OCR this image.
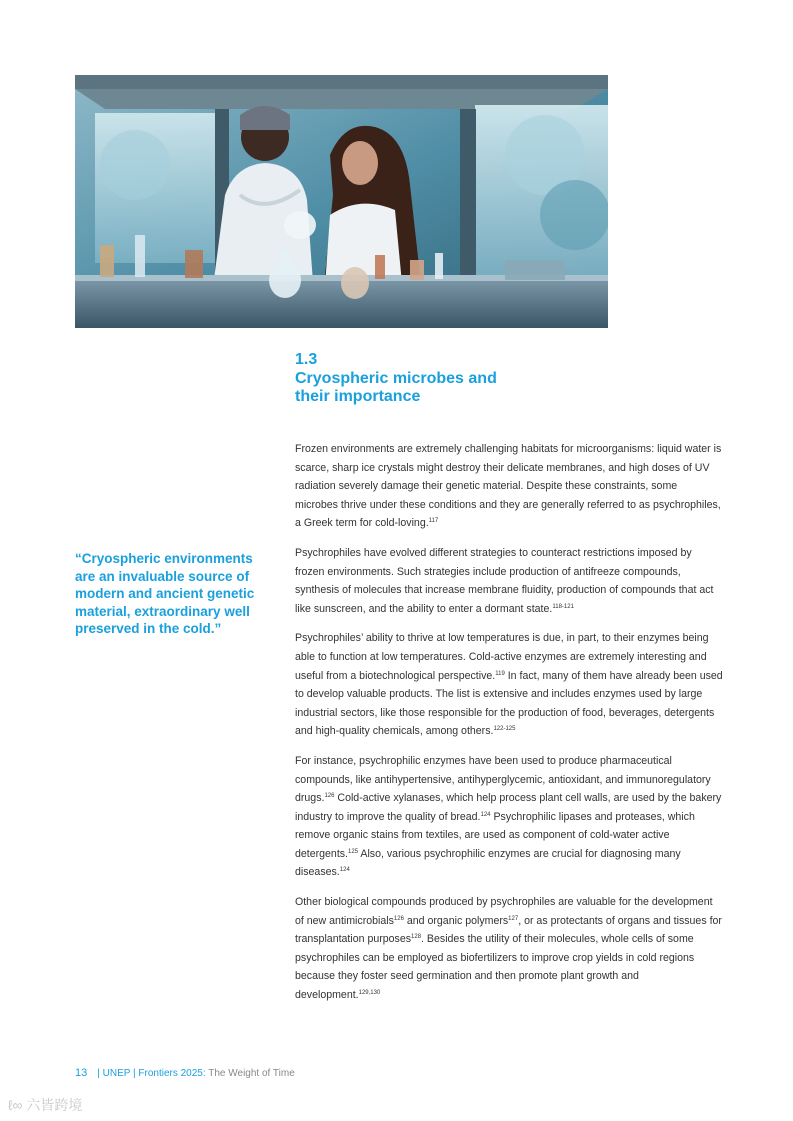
1.3
Cryospheric microbes and their importance
“Cryospheric environments are an invaluable source of modern and ancient genetic material, extraordinary well preserved in the cold.”

Frozen environments are extremely challenging habitats for microorganisms: liquid water is scarce, sharp ice crystals might destroy their delicate membranes, and high doses of UV radiation severely damage their genetic material. Despite these constraints, some microbes thrive under these conditions and they are generally referred to as psychrophiles, a Greek term for cold-loving.$^{117}$

Psychrophiles have evolved different strategies to counteract restrictions imposed by frozen environments. Such strategies include production of antifreeze compounds, synthesis of molecules that increase membrane fluidity, production of compounds that act like sunscreen, and the ability to enter a dormant state.$^{118-121}$

Psychrophiles’ ability to thrive at low temperatures is due, in part, to their enzymes being able to function at low temperatures. Cold-active enzymes are extremely interesting and useful from a biotechnological perspective.$^{119}$ In fact, many of them have already been used to develop valuable products. The list is extensive and includes enzymes used by large industrial sectors, like those responsible for the production of food, beverages, detergents and high-quality chemicals, among others.$^{122-125}$

For instance, psychrophilic enzymes have been used to produce pharmaceutical compounds, like antihypertensive, antihyperglycemic, antioxidant, and immunoregulatory drugs.$^{126}$ Cold-active xylanases, which help process plant cell walls, are used by the bakery industry to improve the quality of bread.$^{124}$ Psychrophilic lipases and proteases, which remove organic stains from textiles, are used as component of cold-water active detergents.$^{125}$ Also, various psychrophilic enzymes are crucial for diagnosing many diseases.$^{124}$

Other biological compounds produced by psychrophiles are valuable for the development of new antimicrobials$^{126}$ and organic polymers$^{127}$, or as protectants of organs and tissues for transplantation purposes$^{128}$. Besides the utility of their molecules, whole cells of some psychrophiles can be employed as biofertilizers to improve crop yields in cold regions because they foster seed germination and then promote plant growth and development.$^{129,130}$

13 | UNEP | Frontiers 2025: The Weight of Time
ℓ∞ 六皆跨境
